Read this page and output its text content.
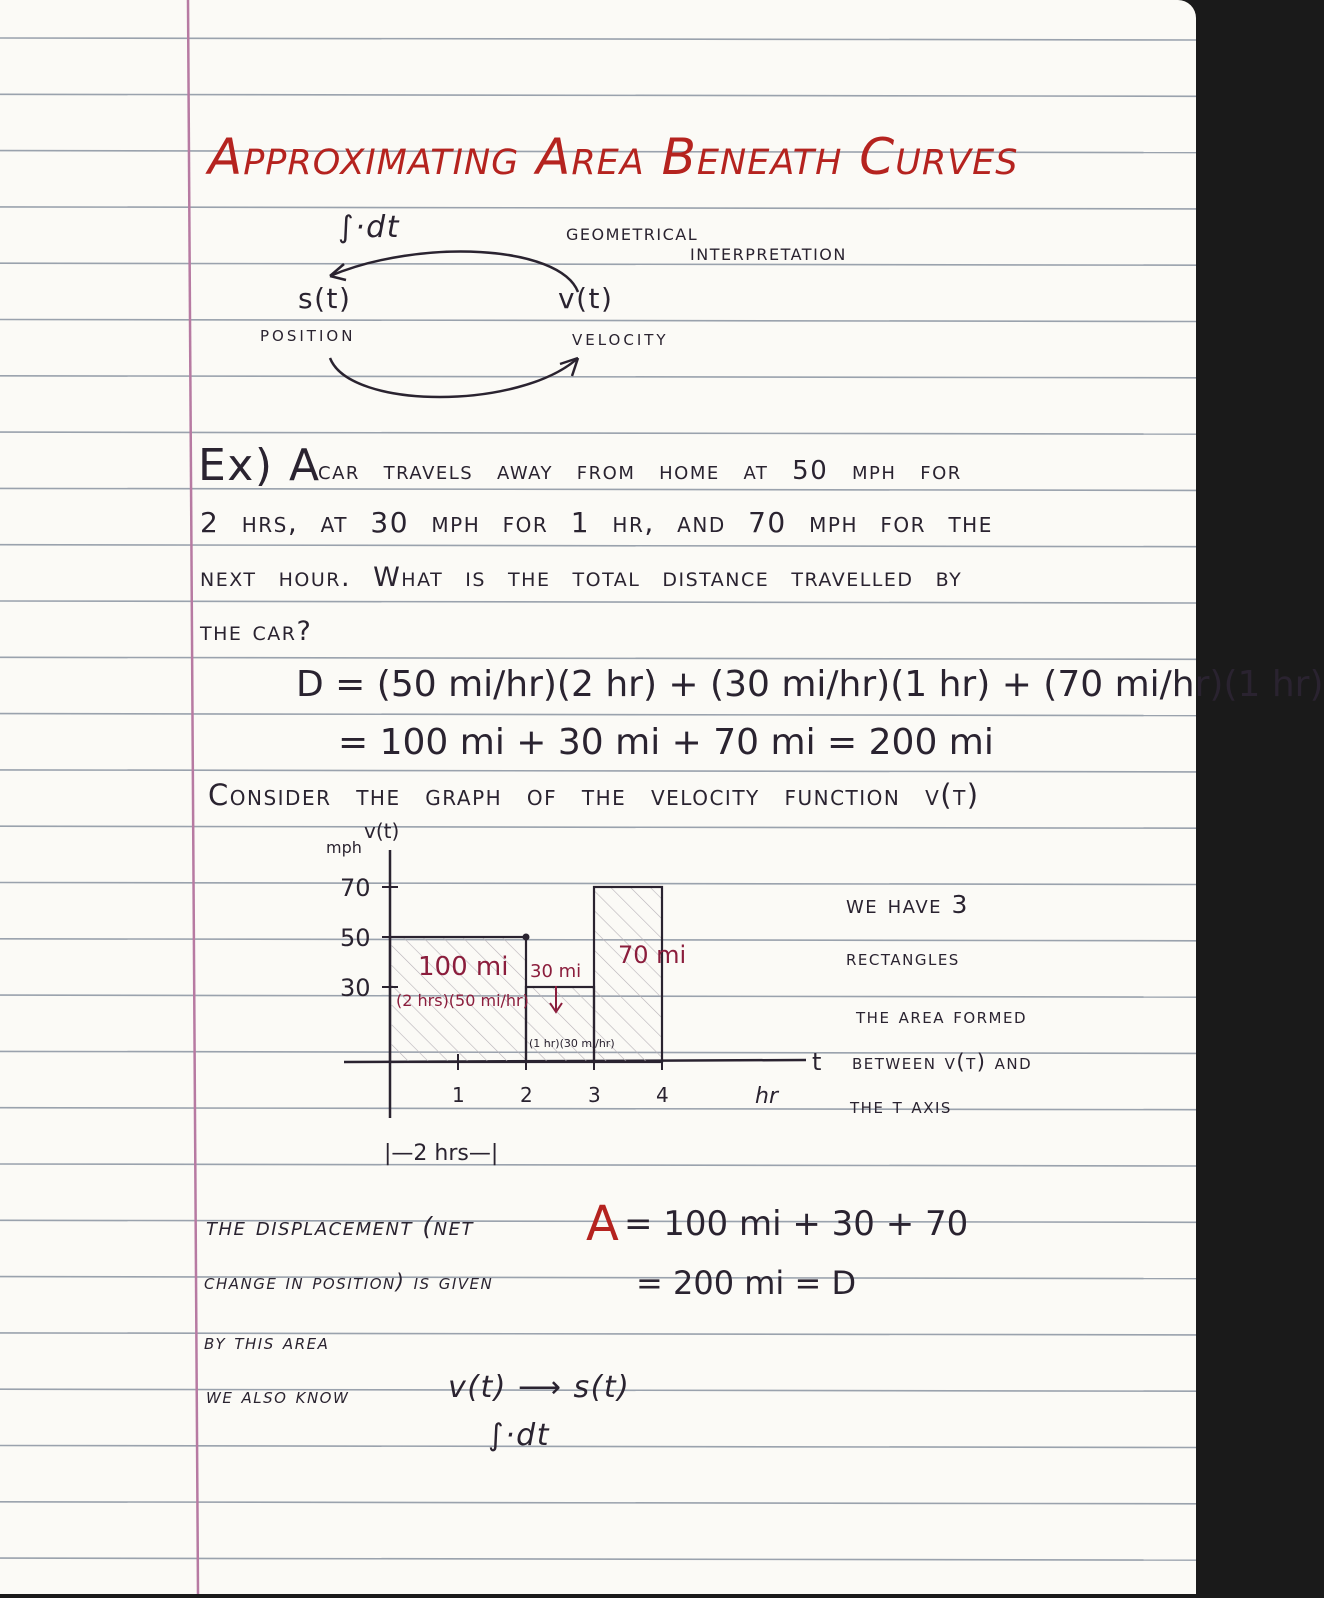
Approximating Area Beneath Curves
∫·dt	geometrical
interpretation
s(t)
position
v(t)
velocity
Ex) A
car travels away from home at 50 mph for
2 hrs, at 30 mph for 1 hr, and 70 mph for the
next hour. What is the total distance travelled by
the car?
D = (50 mi/hr)(2 hr) + (30 mi/hr)(1 hr) + (70 mi/hr)(1 hr)
= 100 mi + 30 mi + 70 mi = 200 mi
Consider the graph of the velocity function v(t)
70
50
30
1	2	3	4
mph
v(t)
hr
t
100 mi
(2 hrs)(50 mi/hr)
30 mi
(1 hr)(30 mi/hr)
70 mi
|—2 hrs—|
we have 3
rectangles
the area formed
between v(t) and
the t axis
the displacement (net
change in position) is given
by this area
A = 100 mi + 30 + 70
= 200 mi = D
we also know	v(t) ⟶ s(t)
∫·dt
